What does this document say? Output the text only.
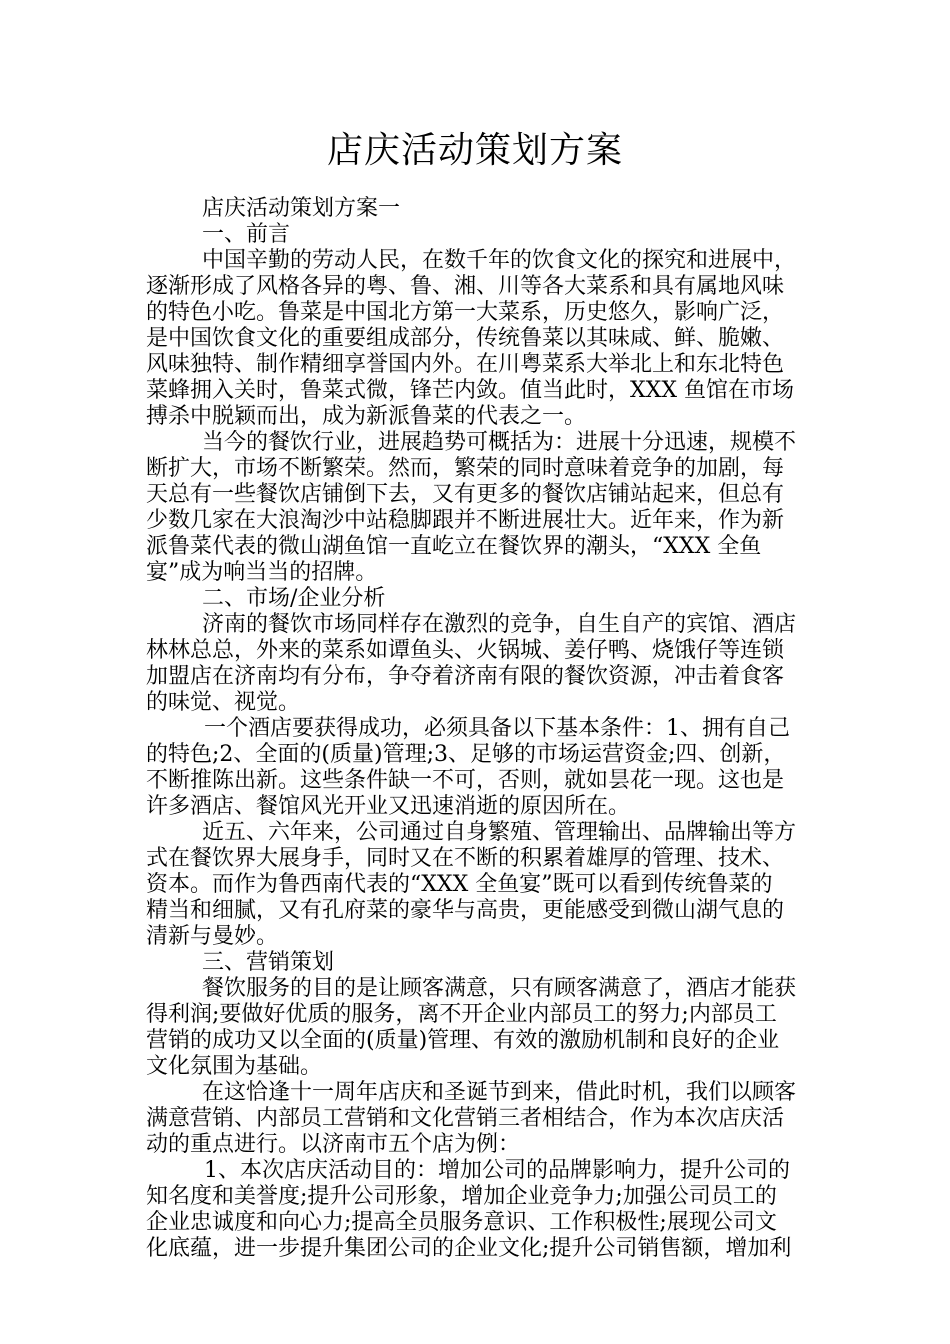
店庆活动策划方案
店庆活动策划方案一
一、前言
中国辛勤的劳动人民，在数千年的饮食文化的探究和进展中，
逐渐形成了风格各异的粤、鲁、湘、川等各大菜系和具有属地风味
的特色小吃。鲁菜是中国北方第一大菜系，历史悠久，影响广泛，
是中国饮食文化的重要组成部分，传统鲁菜以其味咸、鲜、脆嫩、
风味独特、制作精细享誉国内外。在川粤菜系大举北上和东北特色
菜蜂拥入关时，鲁菜式微，锋芒内敛。值当此时，XXX 鱼馆在市场
搏杀中脱颖而出，成为新派鲁菜的代表之一。
当今的餐饮行业，进展趋势可概括为：进展十分迅速，规模不
断扩大，市场不断繁荣。然而，繁荣的同时意味着竞争的加剧，每
天总有一些餐饮店铺倒下去，又有更多的餐饮店铺站起来，但总有
少数几家在大浪淘沙中站稳脚跟并不断进展壮大。近年来，作为新
派鲁菜代表的微山湖鱼馆一直屹立在餐饮界的潮头，“XXX 全鱼
宴”成为响当当的招牌。
二、市场/企业分析
济南的餐饮市场同样存在激烈的竞争，自生自产的宾馆、酒店
林林总总，外来的菜系如谭鱼头、火锅城、姜仔鸭、烧饿仔等连锁
加盟店在济南均有分布，争夺着济南有限的餐饮资源，冲击着食客
的味觉、视觉。
一个酒店要获得成功，必须具备以下基本条件：1、拥有自己
的特色;2、全面的(质量)管理;3、足够的市场运营资金;四、创新，
不断推陈出新。这些条件缺一不可，否则，就如昙花一现。这也是
许多酒店、餐馆风光开业又迅速消逝的原因所在。
近五、六年来，公司通过自身繁殖、管理输出、品牌输出等方
式在餐饮界大展身手，同时又在不断的积累着雄厚的管理、技术、
资本。而作为鲁西南代表的“XXX 全鱼宴”既可以看到传统鲁菜的
精当和细腻，又有孔府菜的豪华与高贵，更能感受到微山湖气息的
清新与曼妙。
三、营销策划
餐饮服务的目的是让顾客满意，只有顾客满意了，酒店才能获
得利润;要做好优质的服务，离不开企业内部员工的努力;内部员工
营销的成功又以全面的(质量)管理、有效的激励机制和良好的企业
文化氛围为基础。
在这恰逢十一周年店庆和圣诞节到来，借此时机，我们以顾客
满意营销、内部员工营销和文化营销三者相结合，作为本次店庆活
动的重点进行。以济南市五个店为例：
1、本次店庆活动目的：增加公司的品牌影响力，提升公司的
知名度和美誉度;提升公司形象，增加企业竞争力;加强公司员工的
企业忠诚度和向心力;提高全员服务意识、工作积极性;展现公司文
化底蕴，进一步提升集团公司的企业文化;提升公司销售额，增加利
